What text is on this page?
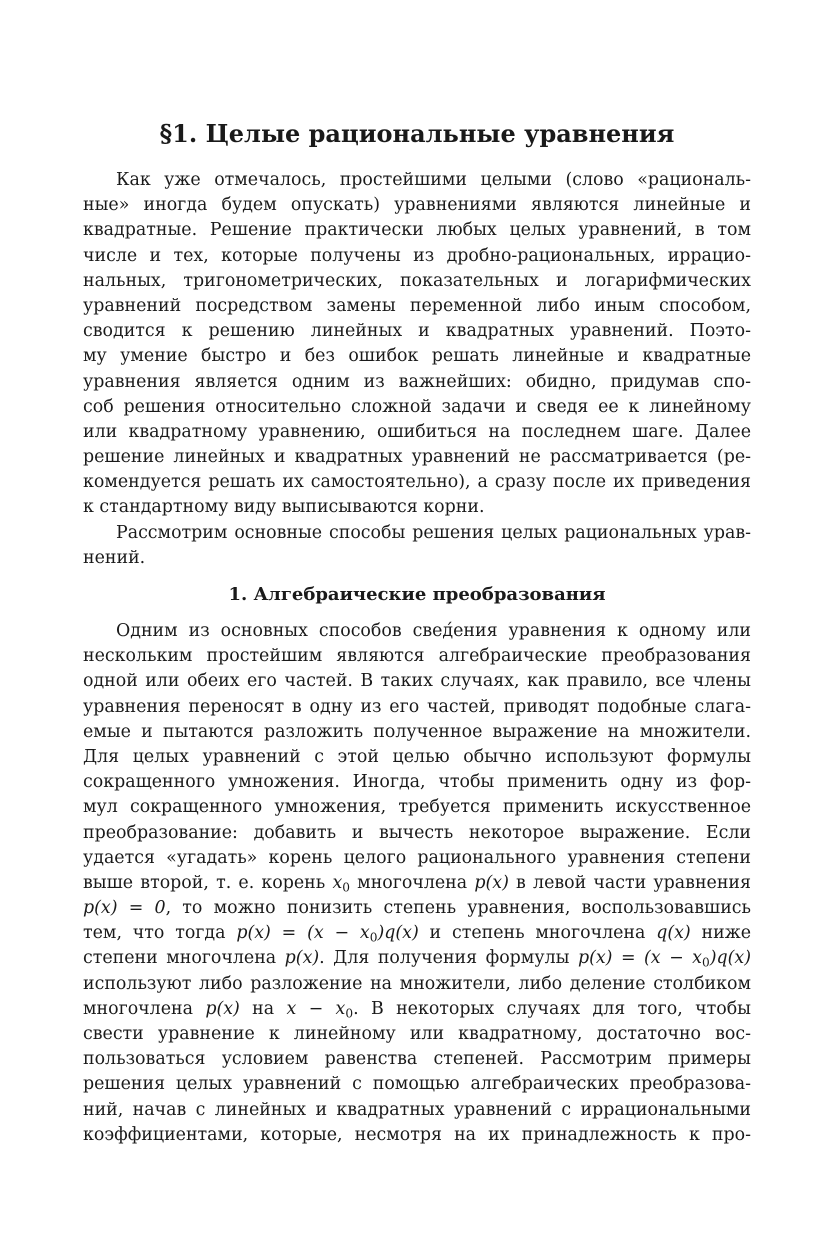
§1. Целые рациональные уравнения
Как уже отмечалось, простейшими целыми (слово «рациональ-
ные» иногда будем опускать) уравнениями являются линейные и
квадратные. Решение практически любых целых уравнений, в том
числе и тех, которые получены из дробно-рациональных, иррацио-
нальных, тригонометрических, показательных и логарифмических
уравнений посредством замены переменной либо иным способом,
сводится к решению линейных и квадратных уравнений. Поэто-
му умение быстро и без ошибок решать линейные и квадратные
уравнения является одним из важнейших: обидно, придумав спо-
соб решения относительно сложной задачи и сведя ее к линейному
или квадратному уравнению, ошибиться на последнем шаге. Далее
решение линейных и квадратных уравнений не рассматривается (ре-
комендуется решать их самостоятельно), а сразу после их приведения
к стандартному виду выписываются корни.
Рассмотрим основные способы решения целых рациональных урав-
нений.
1. Алгебраические преобразования
Одним из основных способов свед́ения уравнения к одному или
нескольким простейшим являются алгебраические преобразования
одной или обеих его частей. В таких случаях, как правило, все члены
уравнения переносят в одну из его частей, приводят подобные слага-
емые и пытаются разложить полученное выражение на множители.
Для целых уравнений с этой целью обычно используют формулы
сокращенного умножения. Иногда, чтобы применить одну из фор-
мул сокращенного умножения, требуется применить искусственное
преобразование: добавить и вычесть некоторое выражение. Если
удается «угадать» корень целого рационального уравнения степени
выше второй, т. е. корень $x_0$ многочлена p(x) в левой части уравнения
p(x) = 0, то можно понизить степень уравнения, воспользовавшись
тем, что тогда $p(x) = (x - x_0)q(x)$ и степень многочлена q(x) ниже
степени многочлена p(x). Для получения формулы $p(x) = (x - x_0)q(x)$
используют либо разложение на множители, либо деление столбиком
многочлена p(x) на $x - x_0$. В некоторых случаях для того, чтобы
свести уравнение к линейному или квадратному, достаточно вос-
пользоваться условием равенства степеней. Рассмотрим примеры
решения целых уравнений с помощью алгебраических преобразова-
ний, начав с линейных и квадратных уравнений с иррациональными
коэффициентами, которые, несмотря на их принадлежность к про-
